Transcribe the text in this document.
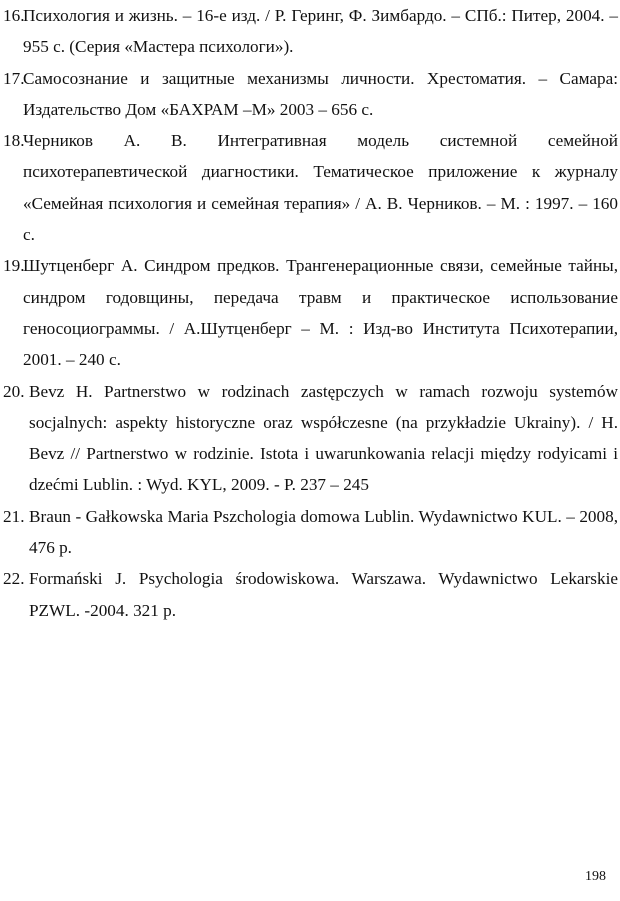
16.
Психология и жизнь. – 16-е изд. / Р. Геринг, Ф. Зимбардо. – СПб.: Питер, 2004. – 955 с. (Серия «Мастера психологи»).
17.
Самосознание и защитные механизмы личности. Хрестоматия. – Самара: Издательство Дом «БАХРАМ –М» 2003 – 656 с.
18.
Черников А. В. Интегративная модель системной семейной психотерапевтической диагностики. Тематическое приложение к журналу «Семейная психология и семейная терапия» / А. В. Черников. – М. : 1997. – 160 с.
19.
Шутценберг А. Синдром предков. Трангенерационные связи, семейные тайны, синдром годовщины, передача травм и практическое использование геносоциограммы. / А.Шутценберг – М. : Изд-во Института Психотерапии, 2001. – 240 с.
20. Bevz H. Partnerstwo w rodzinach zastępczych w ramach rozwoju systemów socjalnych: aspekty historyczne oraz współczesne (na przykładzie Ukrainy). / H. Bevz // Partnerstwo w rodzinie. Istota i uwarunkowania relacji między rodyicami i dzećmi Lublin. : Wyd. KYL, 2009. - P. 237 – 245
21. Braun - Gałkowska Maria Pszchologia domowa Lublin. Wydawnictwo KUL. – 2008, 476 p.
22. Formański J. Psychologia środowiskowa. Warszawa. Wydawnictwo Lekarskie PZWL. -2004. 321 p.
198
